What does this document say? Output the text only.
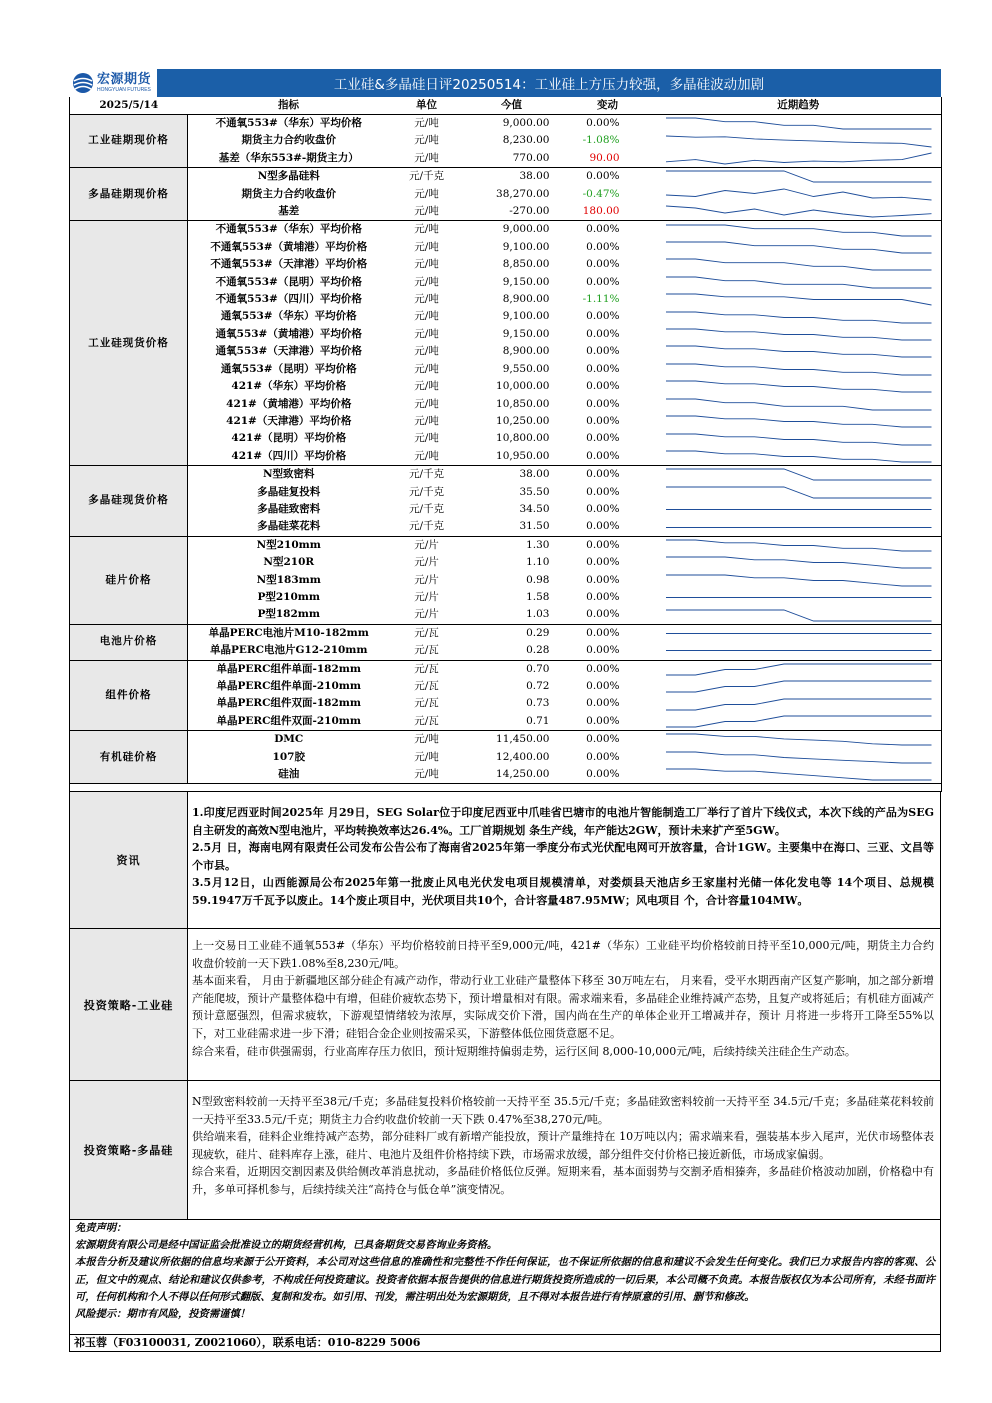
宏源期货
HONGYUAN FUTURES	工业硅&多晶硅日评20250514：工业硅上方压力较强，多晶硅波动加剧
2025/5/14	指标	单位	今值	变动	近期趋势
工业硅期现价格	不通氧553#（华东）平均价格	元/吨	9,000.00	0.00%	

	期货主力合约收盘价	元/吨	8,230.00	-1.08%	

	基差（华东553#-期货主力）	元/吨	770.00	90.00	

多晶硅期现价格	N型多晶硅料	元/千克	38.00	0.00%	

	期货主力合约收盘价	元/吨	38,270.00	-0.47%	

	基差	元/吨	-270.00	180.00	

工业硅现货价格	不通氧553#（华东）平均价格	元/吨	9,000.00	0.00%	

	不通氧553#（黄埔港）平均价格	元/吨	9,100.00	0.00%	

	不通氧553#（天津港）平均价格	元/吨	8,850.00	0.00%	

	不通氧553#（昆明）平均价格	元/吨	9,150.00	0.00%	

	不通氧553#（四川）平均价格	元/吨	8,900.00	-1.11%	

	通氧553#（华东）平均价格	元/吨	9,100.00	0.00%	

	通氧553#（黄埔港）平均价格	元/吨	9,150.00	0.00%	

	通氧553#（天津港）平均价格	元/吨	8,900.00	0.00%	

	通氧553#（昆明）平均价格	元/吨	9,550.00	0.00%	

	421#（华东）平均价格	元/吨	10,000.00	0.00%	

	421#（黄埔港）平均价格	元/吨	10,850.00	0.00%	

	421#（天津港）平均价格	元/吨	10,250.00	0.00%	

	421#（昆明）平均价格	元/吨	10,800.00	0.00%	

	421#（四川）平均价格	元/吨	10,950.00	0.00%	

多晶硅现货价格	N型致密料	元/千克	38.00	0.00%	

	多晶硅复投料	元/千克	35.50	0.00%	

	多晶硅致密料	元/千克	34.50	0.00%	

	多晶硅菜花料	元/千克	31.50	0.00%	

硅片价格	N型210mm	元/片	1.30	0.00%	

	N型210R	元/片	1.10	0.00%	

	N型183mm	元/片	0.98	0.00%	

	P型210mm	元/片	1.58	0.00%	

	P型182mm	元/片	1.03	0.00%	

电池片价格	单晶PERC电池片M10-182mm	元/瓦	0.29	0.00%	

	单晶PERC电池片G12-210mm	元/瓦	0.28	0.00%	

组件价格	单晶PERC组件单面-182mm	元/瓦	0.70	0.00%	

	单晶PERC组件单面-210mm	元/瓦	0.72	0.00%	

	单晶PERC组件双面-182mm	元/瓦	0.73	0.00%	

	单晶PERC组件双面-210mm	元/瓦	0.71	0.00%	

有机硅价格	DMC	元/吨	11,450.00	0.00%	

	107胶	元/吨	12,400.00	0.00%	

	硅油	元/吨	14,250.00	0.00%	

资讯

1.印度尼西亚时间2025年 月29日，SEG Solar位于印度尼西亚中爪哇省巴塘市的电池片智能制造工厂举行了首片下线仪式，本次下线的产品为SEG自主研发的高效N型电池片，平均转换效率达26.4%。工厂首期规划 条生产线，年产能达2GW，预计未来扩产至5GW。

2.5月 日，海南电网有限责任公司发布公告公布了海南省2025年第一季度分布式光伏配电网可开放容量，合计1GW。主要集中在海口、三亚、文昌等 个市县。

3.5月12日，山西能源局公布2025年第一批废止风电光伏发电项目规模清单，对娄烦县天池店乡王家崖村光储一体化发电等 14个项目、总规模59.1947万千瓦予以废止。14个废止项目中，光伏项目共10个，合计容量487.95MW；风电项目 个，合计容量104MW。

投资策略-工业硅

上一交易日工业硅不通氧553#（华东）平均价格较前日持平至9,000元/吨，421#（华东）工业硅平均价格较前日持平至10,000元/吨，期货主力合约收盘价较前一天下跌1.08%至8,230元/吨。

基本面来看， 月由于新疆地区部分硅企有减产动作，带动行业工业硅产量整体下移至 30万吨左右， 月来看，受平水期西南产区复产影响，加之部分新增产能爬坡，预计产量整体稳中有增，但硅价疲软态势下，预计增量相对有限。需求端来看，多晶硅企业维持减产态势，且复产或将延后；有机硅方面减产预计意愿强烈，但需求疲软，下游观望情绪较为浓厚，实际成交价下滑，国内尚在生产的单体企业开工增减并存，预计 月将进一步将开工降至55%以下，对工业硅需求进一步下滑；硅铝合金企业则按需采买，下游整体低位囤货意愿不足。

综合来看，硅市供强需弱，行业高库存压力依旧，预计短期维持偏弱走势，运行区间 8,000-10,000元/吨，后续持续关注硅企生产动态。

投资策略-多晶硅

N型致密料较前一天持平至38元/千克；多晶硅复投料价格较前一天持平至 35.5元/千克；多晶硅致密料较前一天持平至 34.5元/千克；多晶硅菜花料较前一天持平至33.5元/千克；期货主力合约收盘价较前一天下跌 0.47%至38,270元/吨。

供给端来看，硅料企业维持减产态势，部分硅料厂或有新增产能投放，预计产量维持在 10万吨以内；需求端来看，强装基本步入尾声，光伏市场整体表现疲软，硅片、硅料库存上涨，硅片、电池片及组件价格持续下跌，市场需求放缓，部分组件交付价格已接近新低，市场成家偏弱。

综合来看，近期因交割因素及供给侧改革消息扰动，多晶硅价格低位反弹。短期来看，基本面弱势与交割矛盾相獉奔，多晶硅价格波动加剧，价格稳中有升，多单可择机参与，后续持续关注“高持仓与低仓单”演变情况。

免责声明：

宏源期货有限公司是经中国证监会批准设立的期货经营机构，已具备期货交易咨询业务资格。

本报告分析及建议所依据的信息均来源于公开资料，本公司对这些信息的准确性和完整性不作任何保证，也不保证所依据的信息和建议不会发生任何变化。我们已力求报告内容的客观、公正，但文中的观点、结论和建议仅供参考，不构成任何投资建议。投资者依据本报告提供的信息进行期货投资所造成的一切后果，本公司概不负责。本报告版权仅为本公司所有，未经书面许可，任何机构和个人不得以任何形式翻版、复制和发布。如引用、刊发，需注明出处为宏源期货，且不得对本报告进行有悖原意的引用、删节和修改。

风险提示：期市有风险，投资需谨慎！

祁玉蓉（F03100031, Z0021060），联系电话：010-8229 5006
